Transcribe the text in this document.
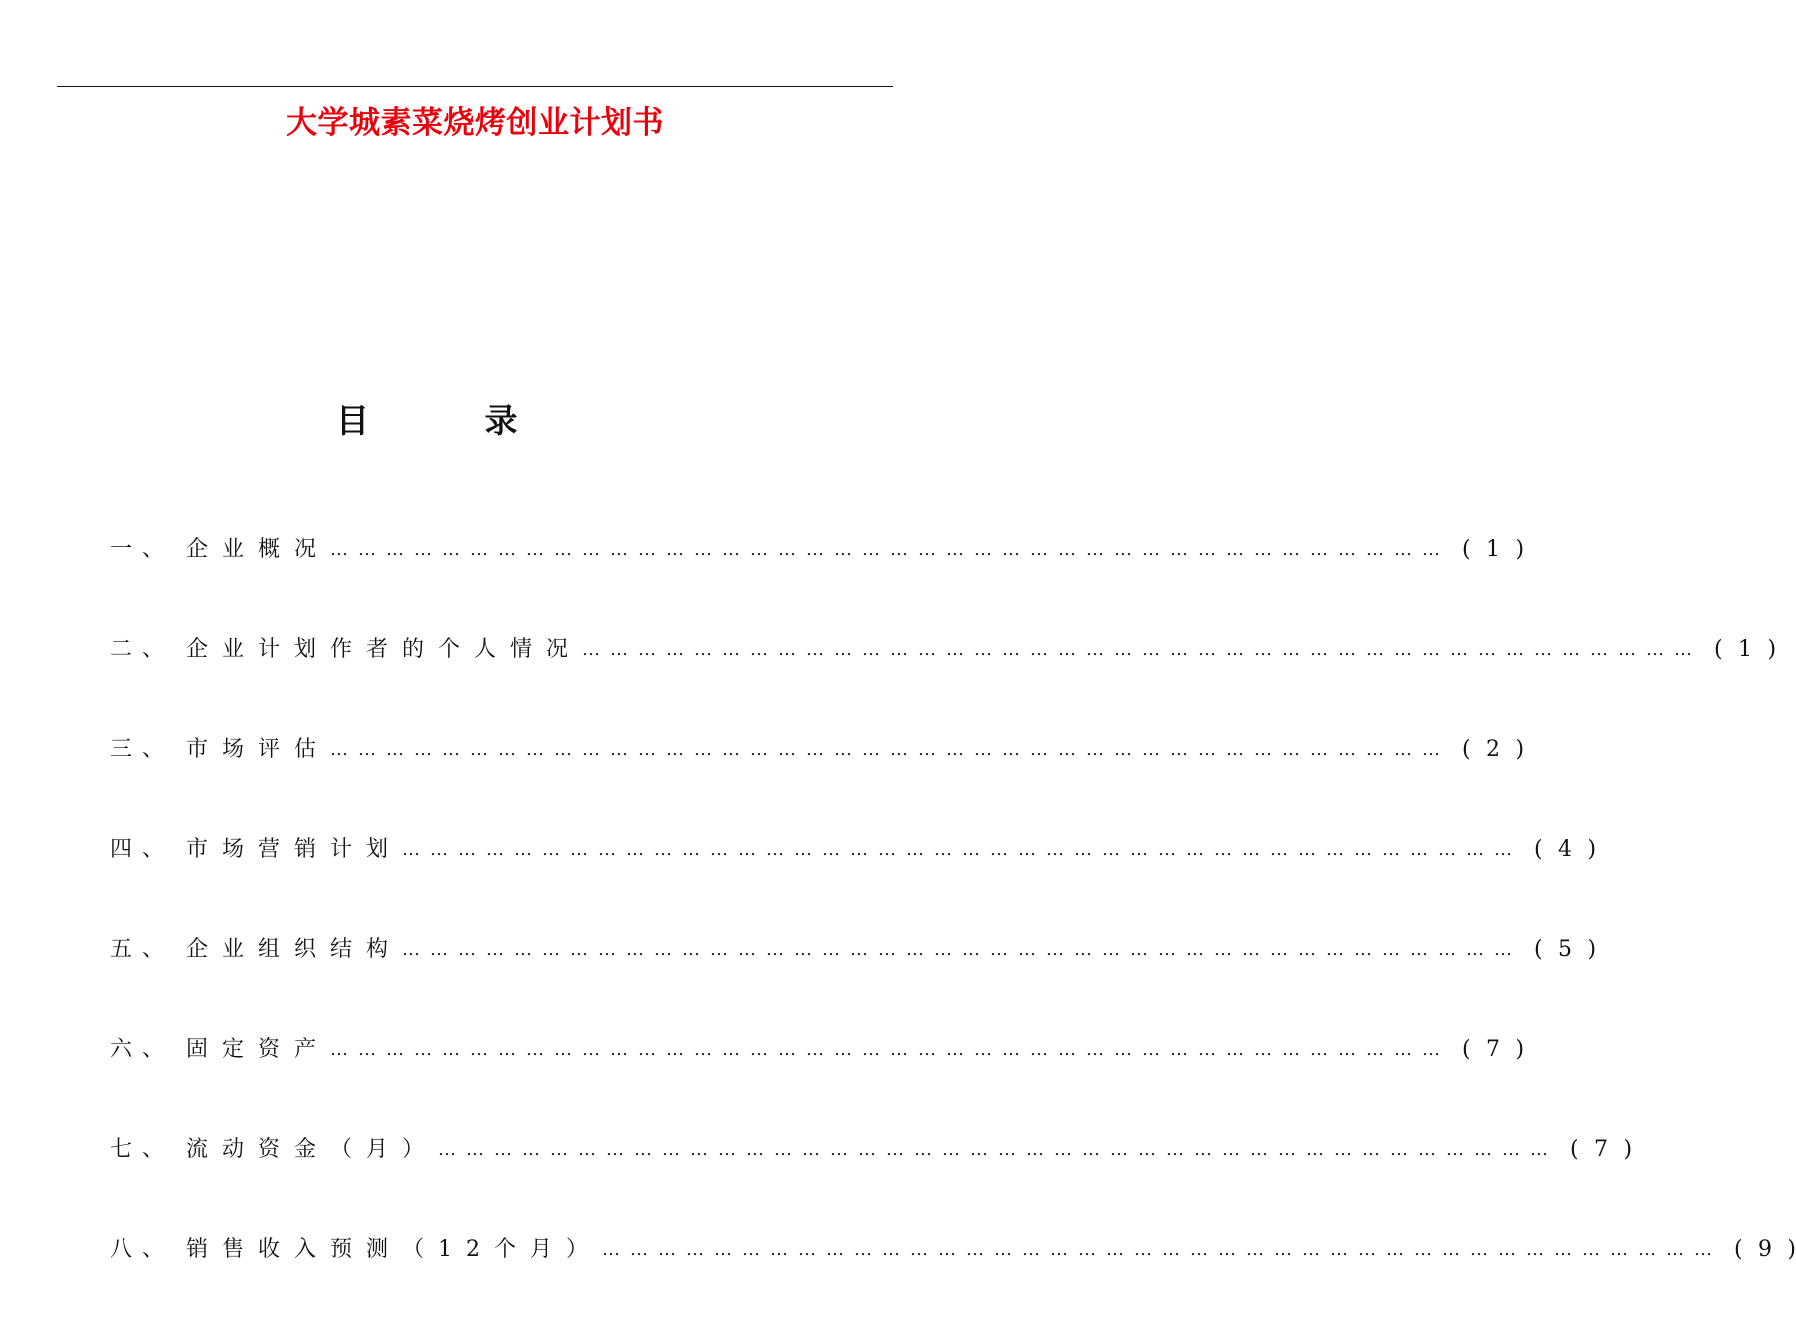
大学城素菜烧烤创业计划书
目 录
一、 企业概况 ………………………………………………………………………………………………………… ( 1 )
二、 企业计划作者的个人情况 ………………………………………………………………………………………………………… ( 1 )
三、 市场评估 ………………………………………………………………………………………………………… ( 2 )
四、 市场营销计划 ………………………………………………………………………………………………………… ( 4 )
五、 企业组织结构 ………………………………………………………………………………………………………… ( 5 )
六、 固定资产 ………………………………………………………………………………………………………… ( 7 )
七、 流动资金（月） ………………………………………………………………………………………………………… ( 7 )
八、 销售收入预测（12个月） ………………………………………………………………………………………………………… ( 9 )
